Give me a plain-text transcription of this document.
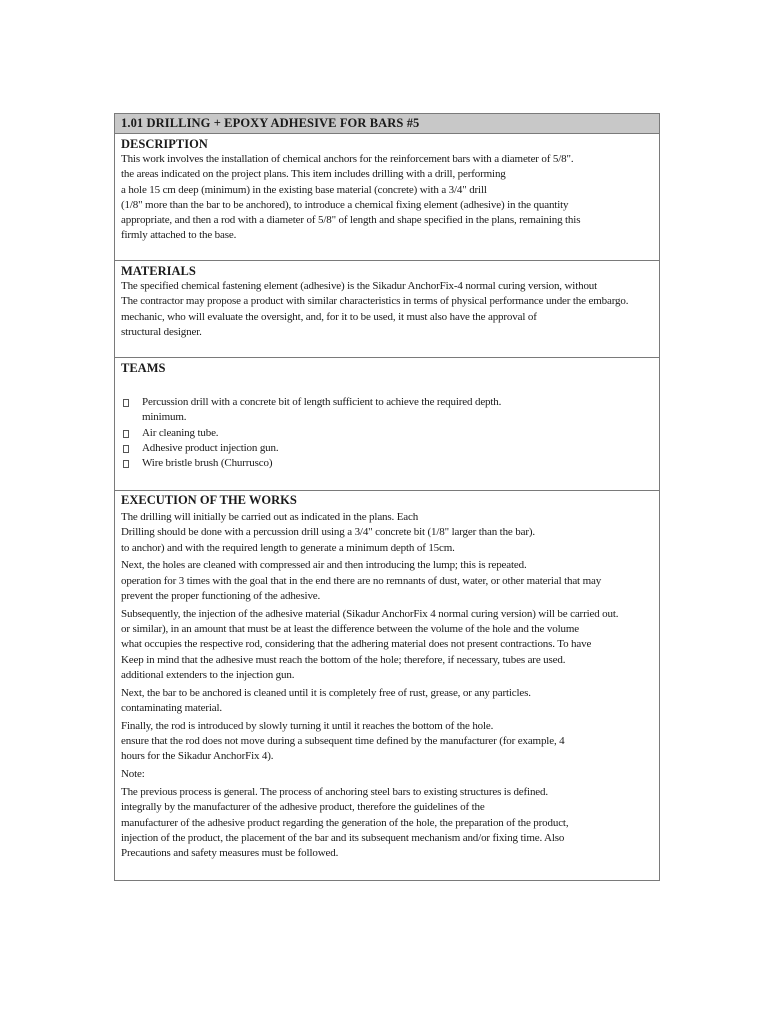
1.01 DRILLING + EPOXY ADHESIVE FOR BARS #5
DESCRIPTION
This work involves the installation of chemical anchors for the reinforcement bars with a diameter of 5/8".
the areas indicated on the project plans. This item includes drilling with a drill, performing
a hole 15 cm deep (minimum) in the existing base material (concrete) with a 3/4" drill
(1/8" more than the bar to be anchored), to introduce a chemical fixing element (adhesive) in the quantity
appropriate, and then a rod with a diameter of 5/8" of length and shape specified in the plans, remaining this
firmly attached to the base.
MATERIALS
The specified chemical fastening element (adhesive) is the Sikadur AnchorFix-4 normal curing version, without
The contractor may propose a product with similar characteristics in terms of physical performance under the embargo.
mechanic, who will evaluate the oversight, and, for it to be used, it must also have the approval of
structural designer.
TEAMS
Percussion drill with a concrete bit of length sufficient to achieve the required depth.
minimum.
Air cleaning tube.
Adhesive product injection gun.
Wire bristle brush (Churrusco)
EXECUTION OF THE WORKS
The drilling will initially be carried out as indicated in the plans. Each
Drilling should be done with a percussion drill using a 3/4" concrete bit (1/8" larger than the bar).
to anchor) and with the required length to generate a minimum depth of 15cm.
Next, the holes are cleaned with compressed air and then introducing the lump; this is repeated.
operation for 3 times with the goal that in the end there are no remnants of dust, water, or other material that may
prevent the proper functioning of the adhesive.
Subsequently, the injection of the adhesive material (Sikadur AnchorFix 4 normal curing version) will be carried out.
or similar), in an amount that must be at least the difference between the volume of the hole and the volume
what occupies the respective rod, considering that the adhering material does not present contractions. To have
Keep in mind that the adhesive must reach the bottom of the hole; therefore, if necessary, tubes are used.
additional extenders to the injection gun.
Next, the bar to be anchored is cleaned until it is completely free of rust, grease, or any particles.
contaminating material.
Finally, the rod is introduced by slowly turning it until it reaches the bottom of the hole.
ensure that the rod does not move during a subsequent time defined by the manufacturer (for example, 4
hours for the Sikadur AnchorFix 4).
Note:
The previous process is general. The process of anchoring steel bars to existing structures is defined.
integrally by the manufacturer of the adhesive product, therefore the guidelines of the
manufacturer of the adhesive product regarding the generation of the hole, the preparation of the product,
injection of the product, the placement of the bar and its subsequent mechanism and/or fixing time. Also
Precautions and safety measures must be followed.
